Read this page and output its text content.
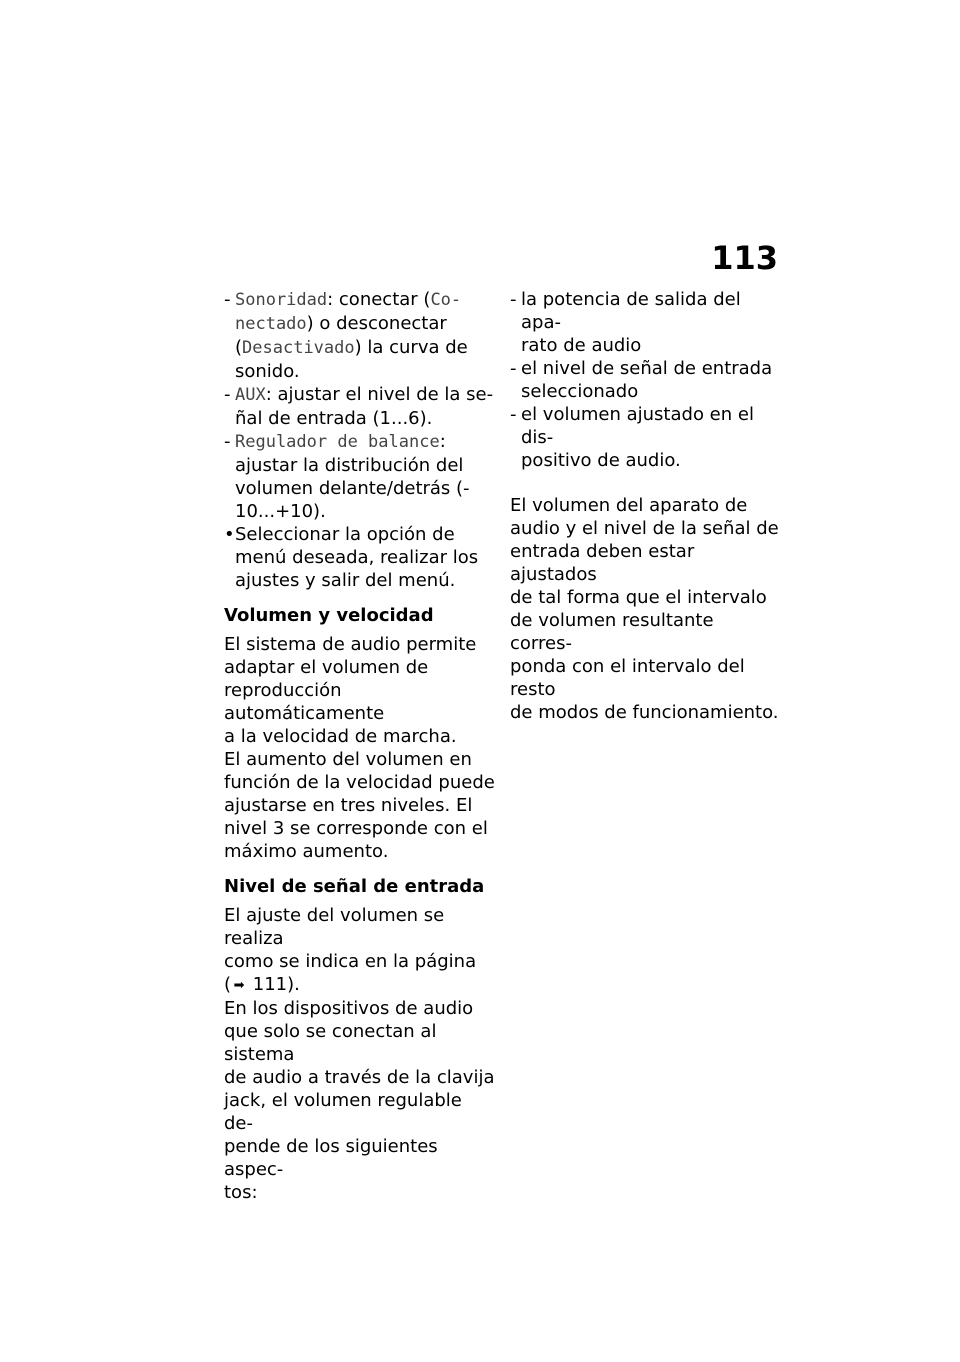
113
- Sonoridad: conectar (Co-
nectado) o desconectar
(Desactivado) la curva de
sonido.
- AUX: ajustar el nivel de la se-
ñal de entrada (1...6).
- Regulador de balance:
ajustar la distribución del
volumen delante/detrás (-
10...+10).
• Seleccionar la opción de
menú deseada, realizar los
ajustes y salir del menú.
Volumen y velocidad
El sistema de audio permite
adaptar el volumen de
reproducción automáticamente
a la velocidad de marcha.
El aumento del volumen en
función de la velocidad puede
ajustarse en tres niveles. El
nivel 3 se corresponde con el
máximo aumento.
Nivel de señal de entrada
El ajuste del volumen se realiza
como se indica en la página
( ➡ 111).
En los dispositivos de audio
que solo se conectan al sistema
de audio a través de la clavija
jack, el volumen regulable de-
pende de los siguientes aspec-
tos:
- la potencia de salida del apa-
rato de audio
- el nivel de señal de entrada
seleccionado
- el volumen ajustado en el dis-
positivo de audio.
El volumen del aparato de
audio y el nivel de la señal de
entrada deben estar ajustados
de tal forma que el intervalo
de volumen resultante corres-
ponda con el intervalo del resto
de modos de funcionamiento.
